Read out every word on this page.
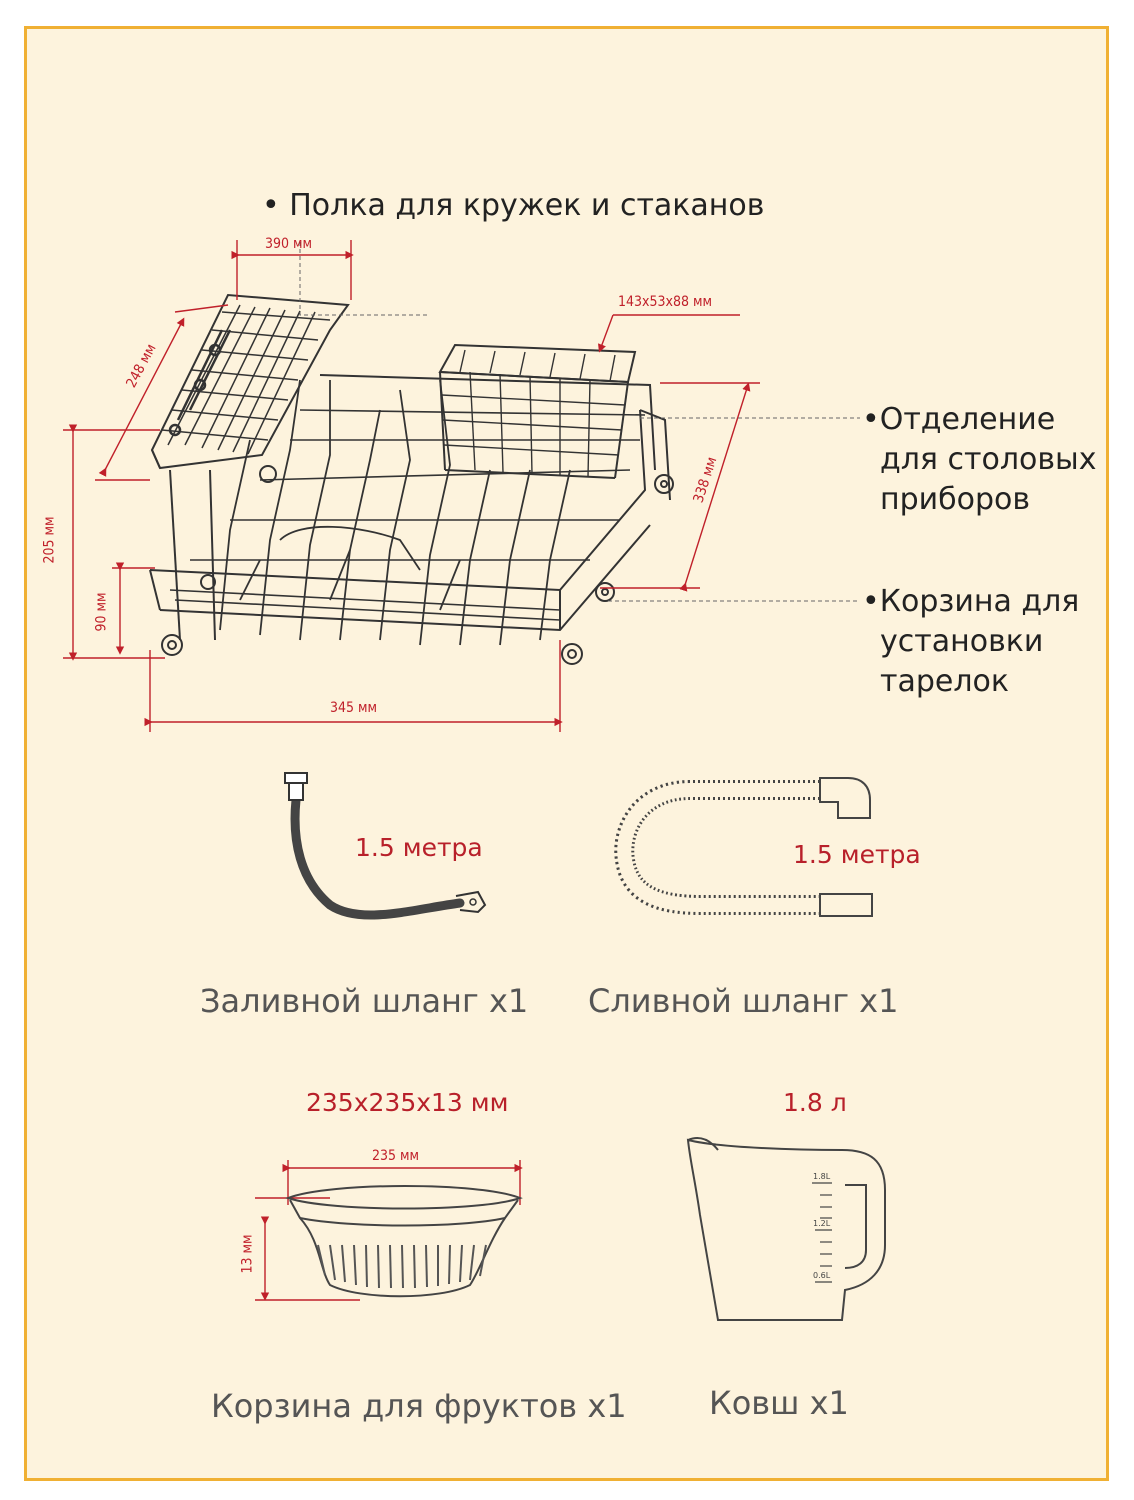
• Полка для кружек и стаканов
•Отделение
для столовых
приборов
•Корзина для
установки
тарелок
390 мм
143x53x88 мм
248 мм
205 мм
90 мм
338 мм
345 мм
235 мм
13 мм
1.5 метра	1.5 метра
Заливной шланг x1 Сливной шланг x1
235x235x13 мм	1.8 л
Корзина для фруктов x1	Ковш x1
1.8L
1.2L
0.6L
